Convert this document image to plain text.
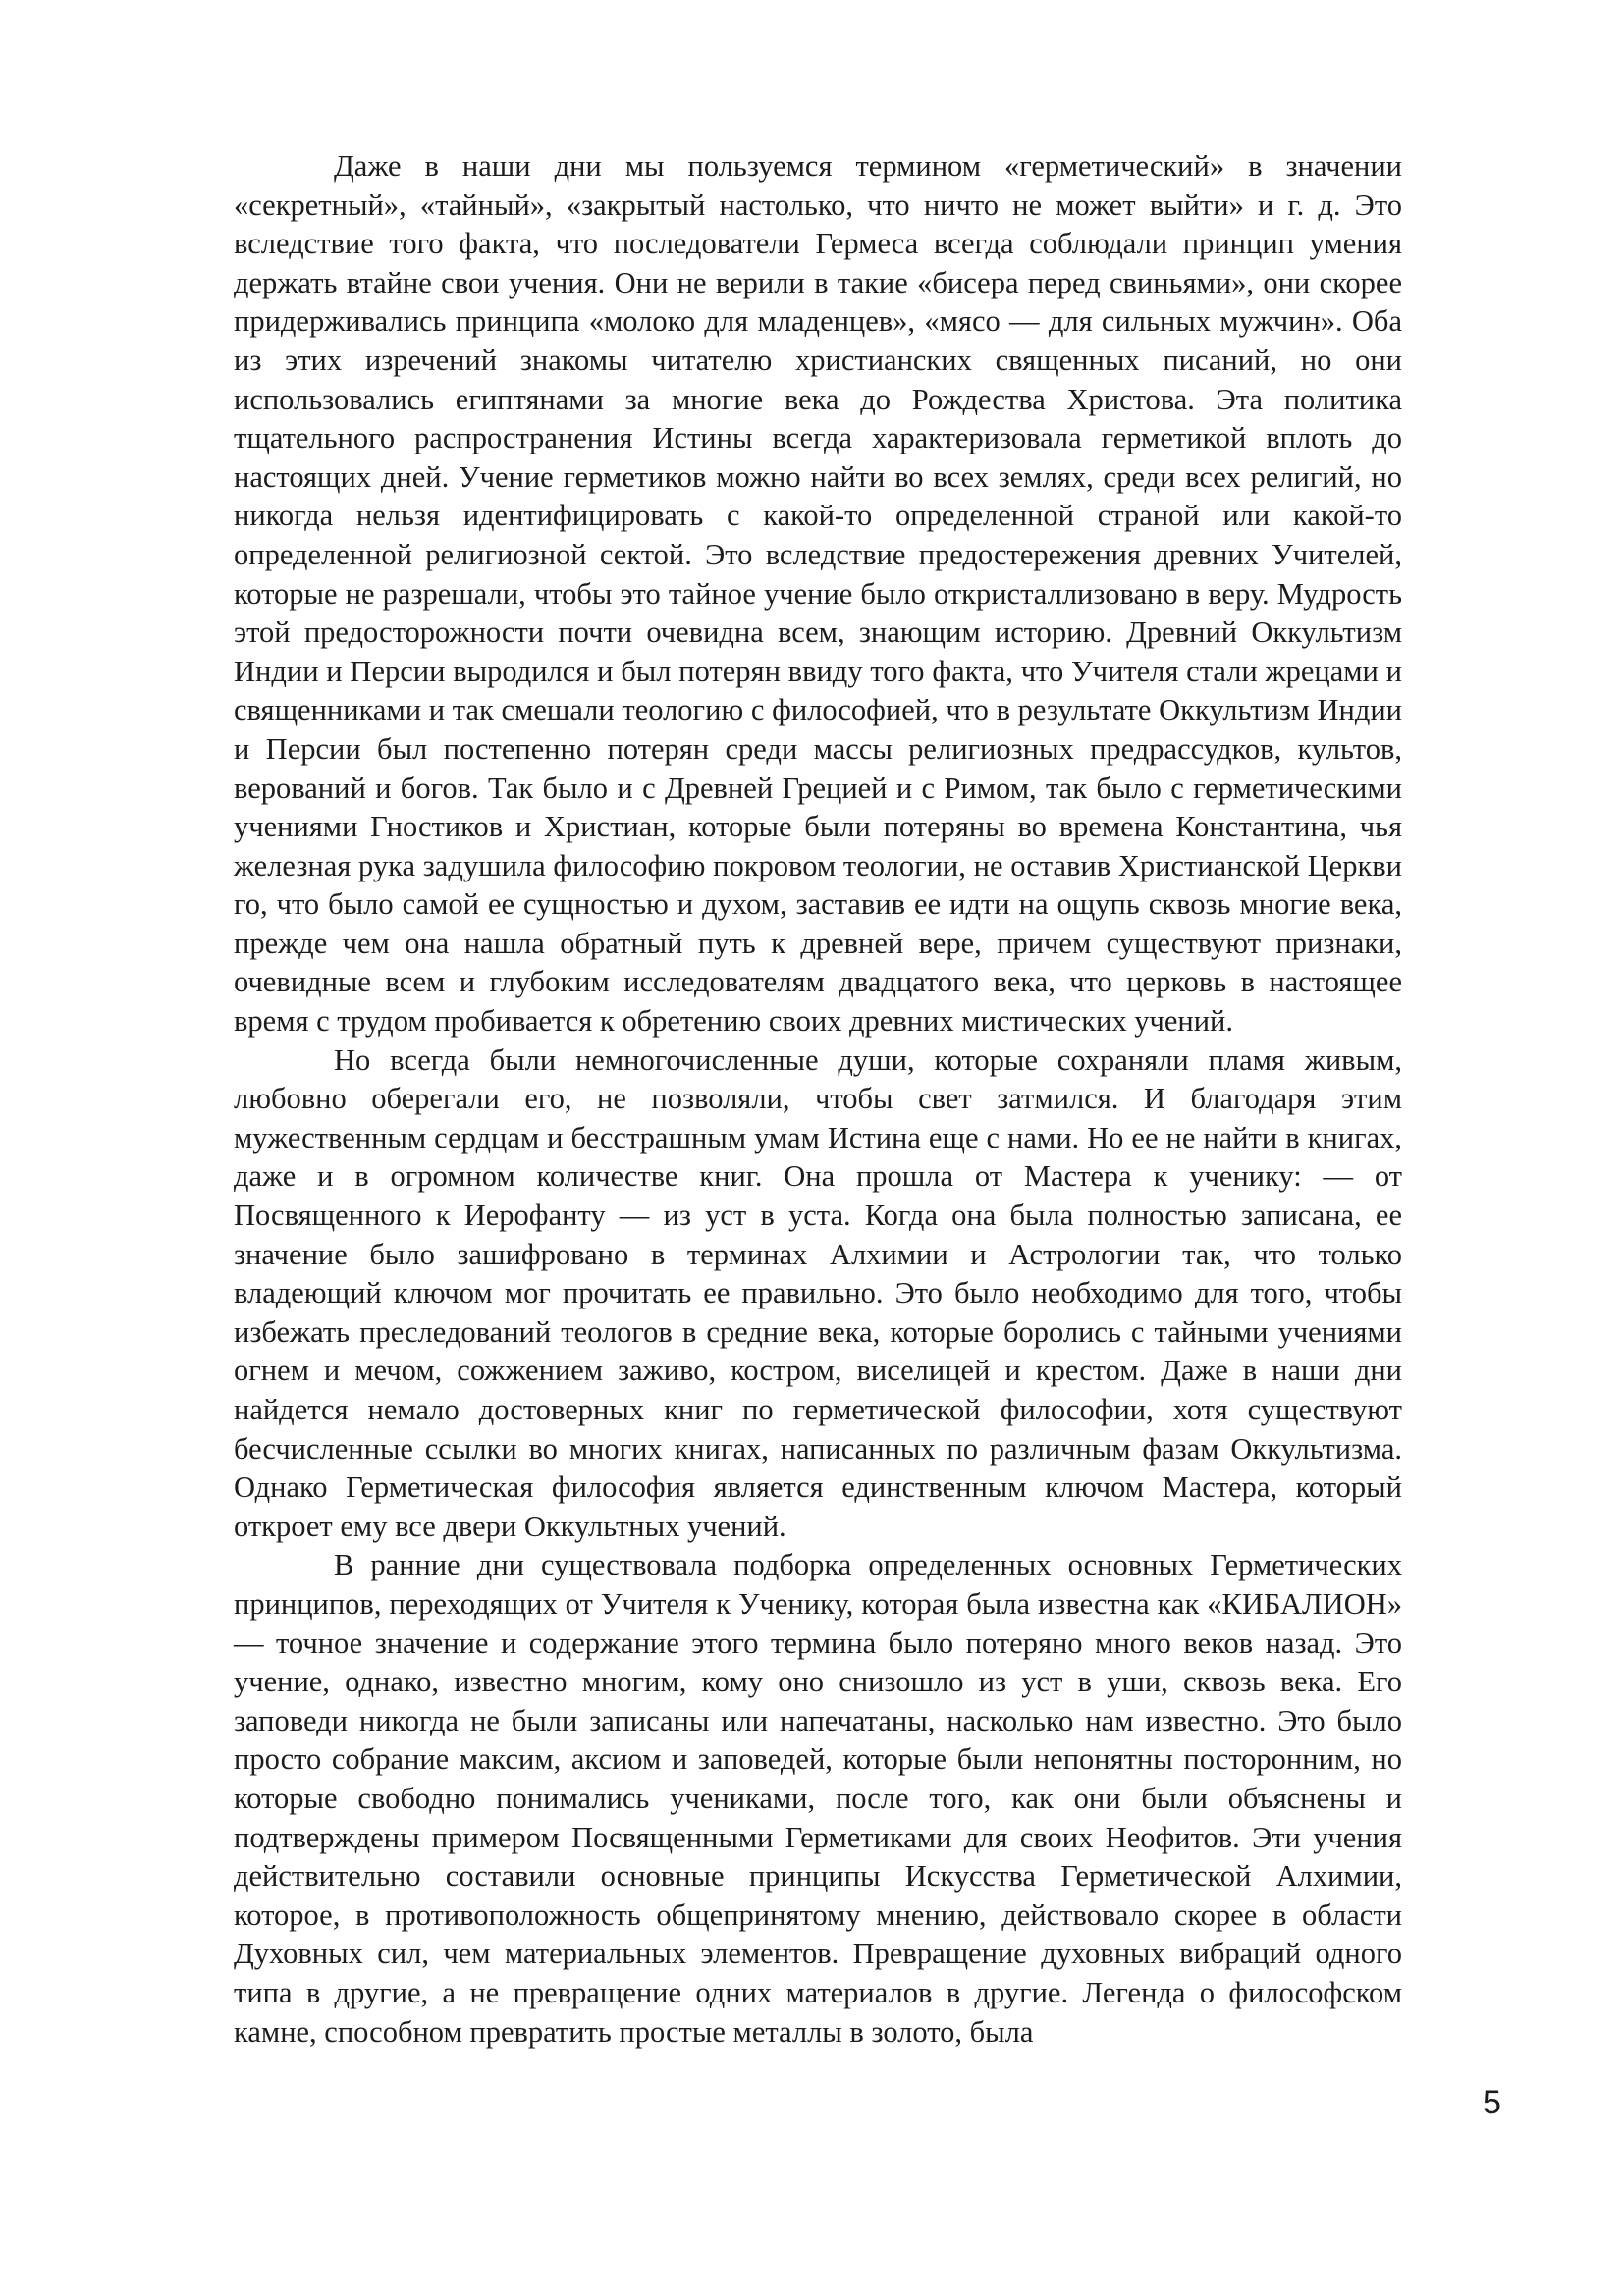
Даже в наши дни мы пользуемся термином «герметический» в значении «секретный», «тайный», «закрытый настолько, что ничто не может выйти» и г. д. Это вследствие того факта, что последователи Гермеса всегда соблюдали принцип умения держать втайне свои учения. Они не верили в такие «бисера перед свиньями», они скорее придерживались принципа «молоко для младенцев», «мясо — для сильных мужчин». Оба из этих изречений знакомы читателю христианских священных писаний, но они использовались египтянами за многие века до Рождества Христова. Эта политика тщательного распространения Истины всегда характеризовала герметикой вплоть до настоящих дней. Учение герметиков можно найти во всех землях, среди всех религий, но никогда нельзя идентифицировать с какой-то определенной страной или какой-то определенной религиозной сектой. Это вследствие предостережения древних Учителей, которые не разрешали, чтобы это тайное учение было откристаллизовано в веру. Мудрость этой предосторожности почти очевидна всем, знающим историю. Древний Оккультизм Индии и Персии выродился и был потерян ввиду того факта, что Учителя стали жрецами и священниками и так смешали теологию с философией, что в результате Оккультизм Индии и Персии был постепенно потерян среди массы религиозных предрассудков, культов, верований и богов. Так было и с Древней Грецией и с Римом, так было с герметическими учениями Гностиков и Христиан, которые были потеряны во времена Константина, чья железная рука задушила философию покровом теологии, не оставив Христианской Церкви го, что было самой ее сущностью и духом, заставив ее идти на ощупь сквозь многие века, прежде чем она нашла обратный путь к древней вере, причем существуют признаки, очевидные всем и глубоким исследователям двадцатого века, что церковь в настоящее время с трудом пробивается к обретению своих древних мистических учений.

Но всегда были немногочисленные души, которые сохраняли пламя живым, любовно оберегали его, не позволяли, чтобы свет затмился. И благодаря этим мужественным сердцам и бесстрашным умам Истина еще с нами. Но ее не найти в книгах, даже и в огромном количестве книг. Она прошла от Мастера к ученику: — от Посвященного к Иерофанту — из уст в уста. Когда она была полностью записана, ее значение было зашифровано в терминах Алхимии и Астрологии так, что только владеющий ключом мог прочитать ее правильно. Это было необходимо для того, чтобы избежать преследований теологов в средние века, которые боролись с тайными учениями огнем и мечом, сожжением заживо, костром, виселицей и крестом. Даже в наши дни найдется немало достоверных книг по герметической философии, хотя существуют бесчисленные ссылки во многих книгах, написанных по различным фазам Оккультизма. Однако Герметическая философия является единственным ключом Мастера, который откроет ему все двери Оккультных учений.

В ранние дни существовала подборка определенных основных Герметических принципов, переходящих от Учителя к Ученику, которая была известна как «КИБАЛИОН» — точное значение и содержание этого термина было потеряно много веков назад. Это учение, однако, известно многим, кому оно снизошло из уст в уши, сквозь века. Его заповеди никогда не были записаны или напечатаны, насколько нам известно. Это было просто собрание максим, аксиом и заповедей, которые были непонятны посторонним, но которые свободно понимались учениками, после того, как они были объяснены и подтверждены примером Посвященными Герметиками для своих Неофитов. Эти учения действительно составили основные принципы Искусства Герметической Алхимии, которое, в противоположность общепринятому мнению, действовало скорее в области Духовных сил, чем материальных элементов. Превращение духовных вибраций одного типа в другие, а не превращение одних материалов в другие. Легенда о философском камне, способном превратить простые металлы в золото, была

5
